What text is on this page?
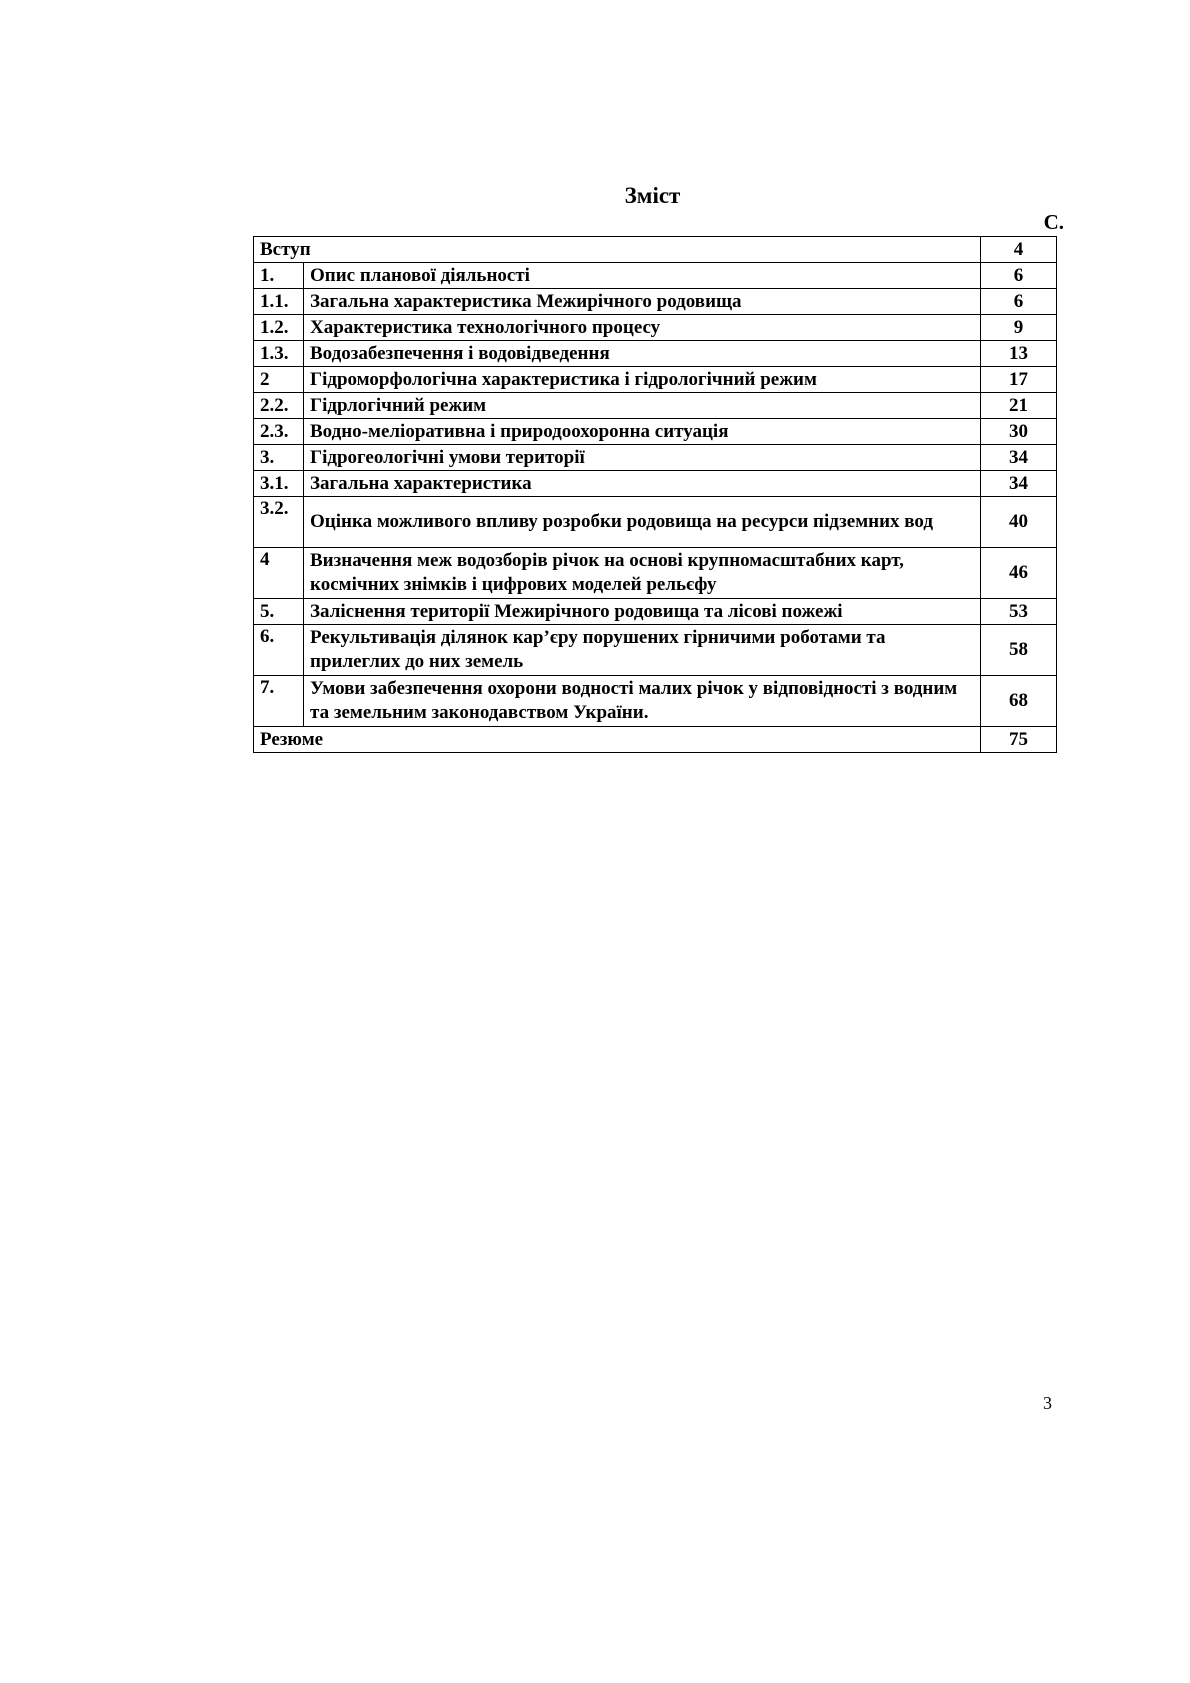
Зміст
С.
Вступ		4
1.	Опис планової діяльності	6
1.1.	Загальна характеристика Межирічного родовища	6
1.2.	Характеристика технологічного процесу	9
1.3.	Водозабезпечення і водовідведення	13
2	Гідроморфологічна характеристика і гідрологічний режим	17
2.2.	Гідрлогічний режим	21
2.3.	Водно-меліоративна і природоохоронна ситуація	30
3.	Гідрогеологічні умови території	34
3.1.	Загальна характеристика	34
3.2.	Оцінка можливого впливу розробки родовища на ресурси підземних вод	40
4	Визначення меж водозборів річок на основі крупномасштабних карт, космічних знімків і цифрових моделей рельєфу	46
5.	Заліснення території Межирічного родовища та лісові пожежі	53
6.	Рекультивація ділянок кар’єру порушених гірничими роботами та прилеглих до них земель	58
7.	Умови забезпечення охорони водності малих річок у відповідності з водним та земельним законодавством України.	68
Резюме		75
3
